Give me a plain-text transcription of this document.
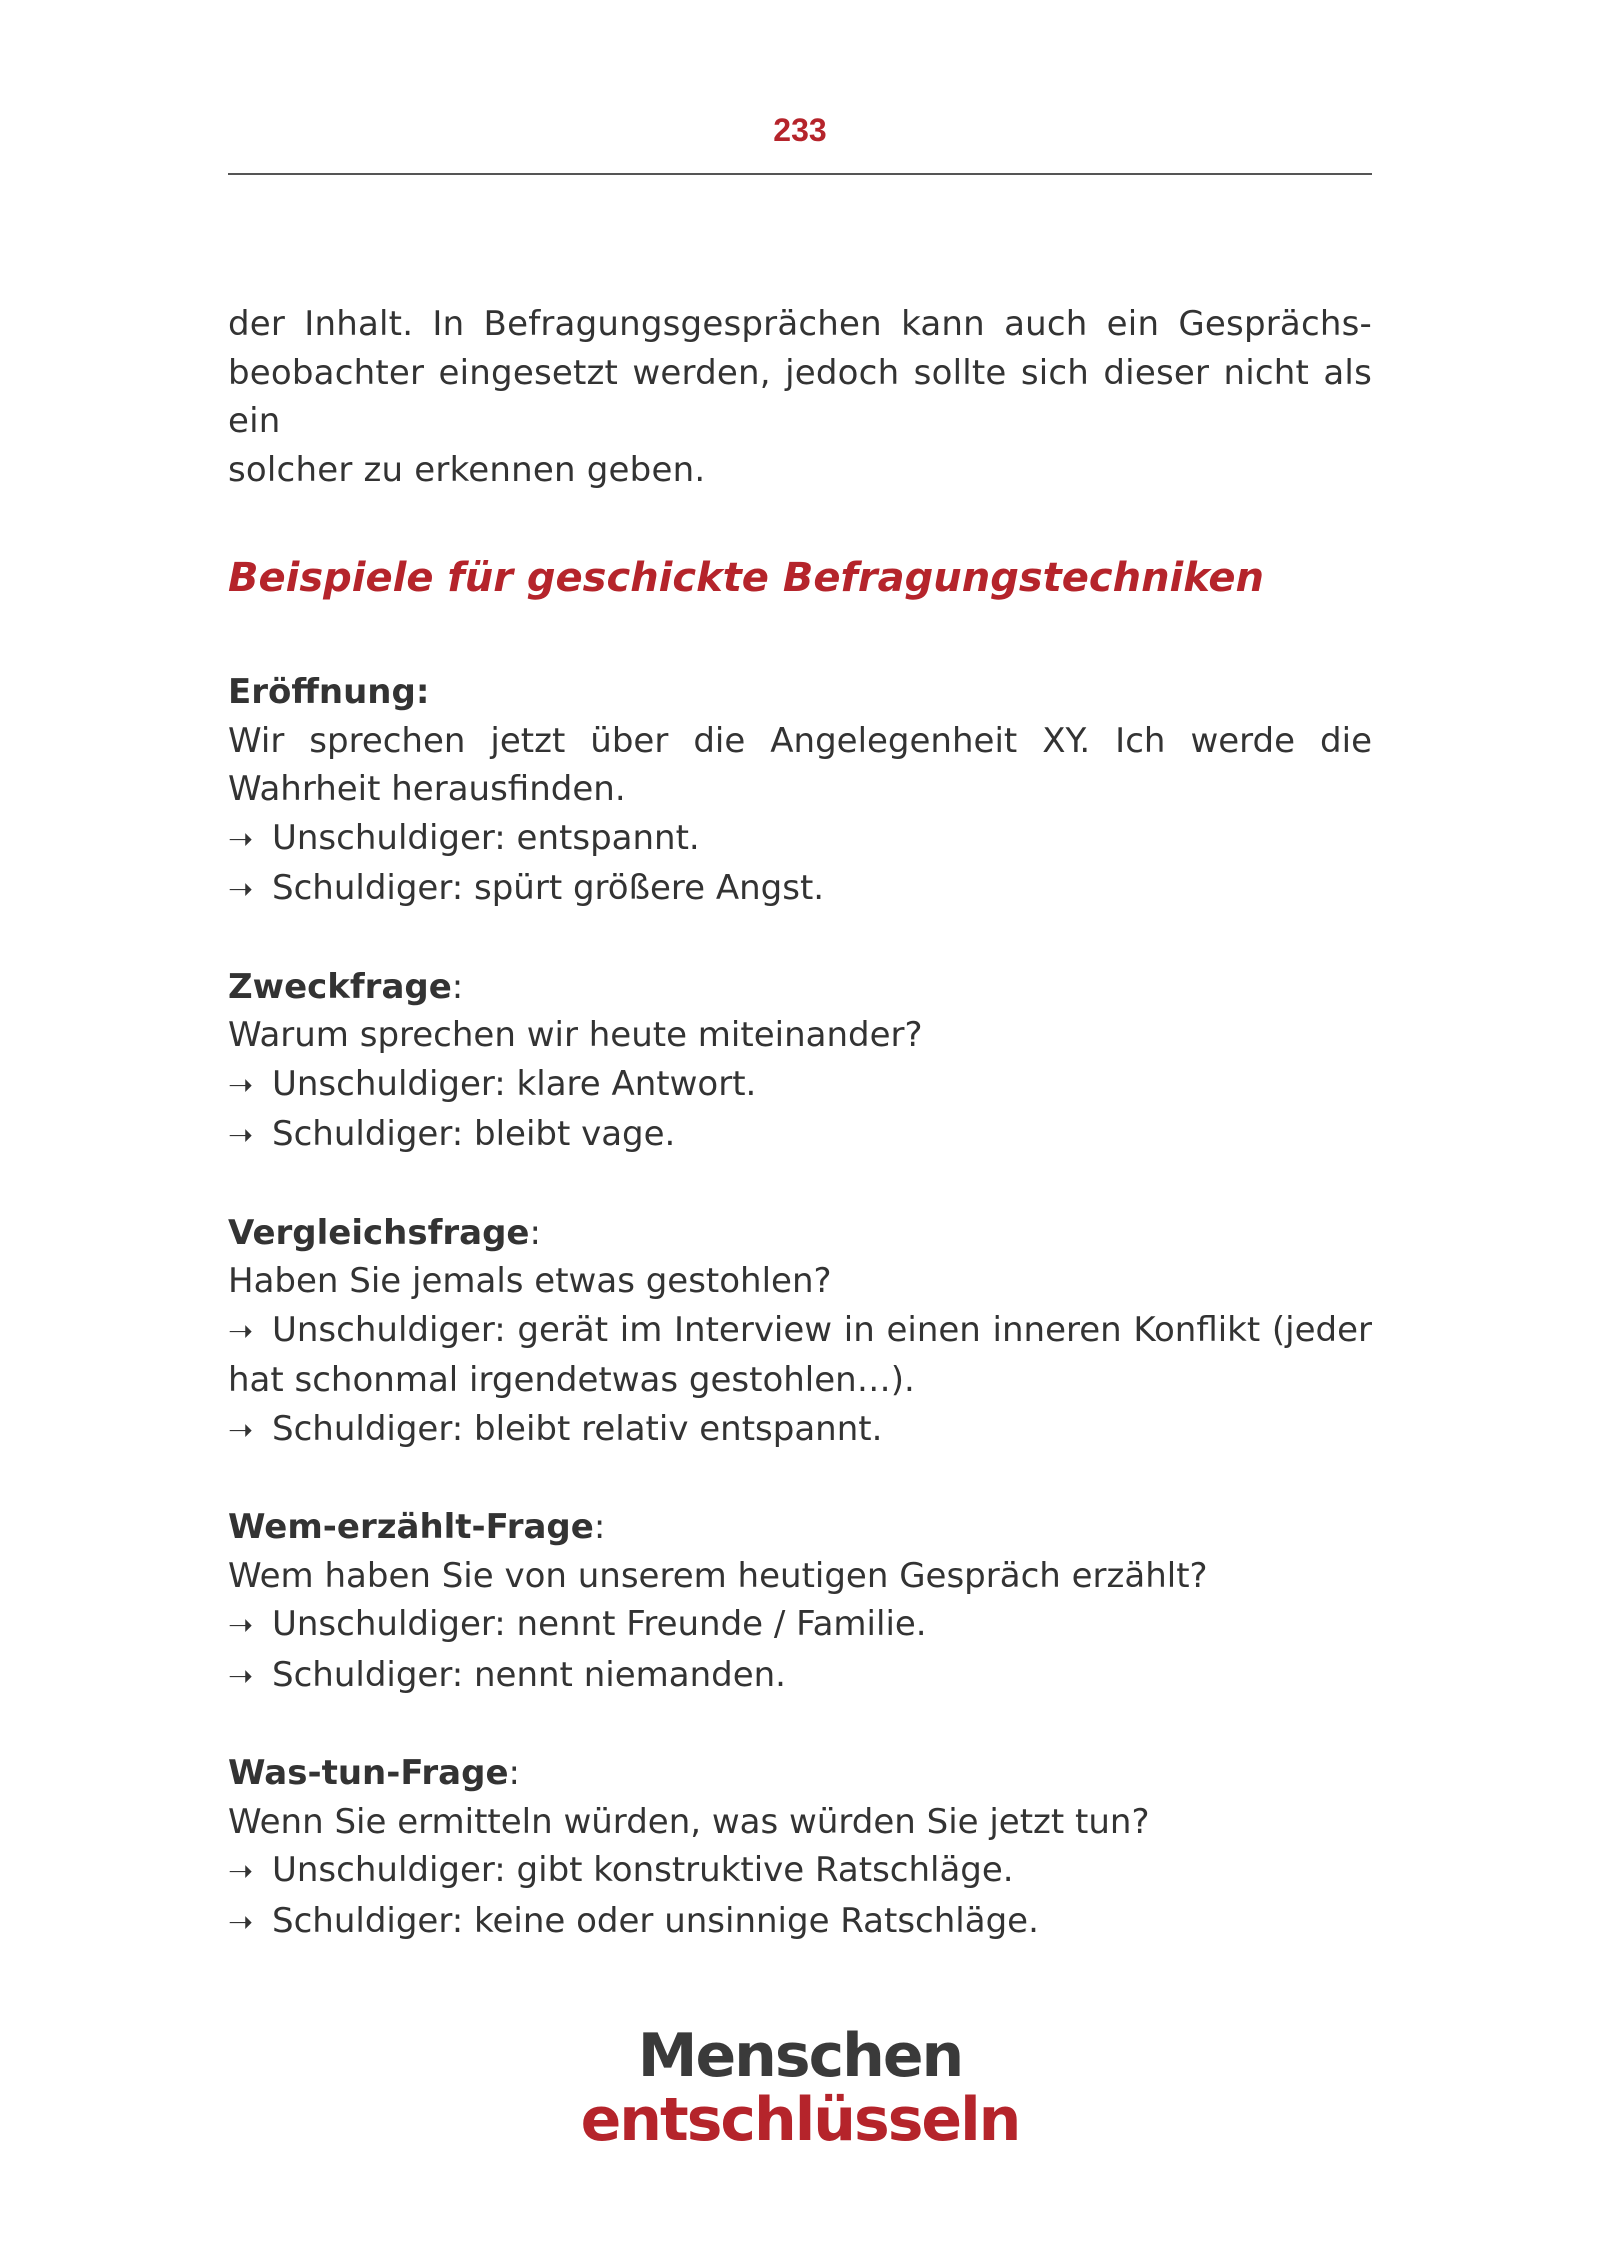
233

der Inhalt. In Befragungsgesprächen kann auch ein Gesprächs-
beobachter eingesetzt werden, jedoch sollte sich dieser nicht als ein
solcher zu erkennen geben.

Beispiele für geschickte Befragungstechniken
Eröffnung:

Wir sprechen jetzt über die Angelegenheit XY. Ich werde die Wahrheit herausfinden.

➝ Unschuldiger: entspannt.

➝ Schuldiger: spürt größere Angst.

Zweckfrage:

Warum sprechen wir heute miteinander?

➝ Unschuldiger: klare Antwort.

➝ Schuldiger: bleibt vage.

Vergleichsfrage:

Haben Sie jemals etwas gestohlen?

➝ Unschuldiger: gerät im Interview in einen inneren Konflikt (jeder hat schonmal irgendetwas gestohlen…).

➝ Schuldiger: bleibt relativ entspannt.

Wem-erzählt-Frage:

Wem haben Sie von unserem heutigen Gespräch erzählt?

➝ Unschuldiger: nennt Freunde / Familie.

➝ Schuldiger: nennt niemanden.

Was-tun-Frage:

Wenn Sie ermitteln würden, was würden Sie jetzt tun?

➝ Unschuldiger: gibt konstruktive Ratschläge.

➝ Schuldiger: keine oder unsinnige Ratschläge.

Menschen
entschlüsseln
